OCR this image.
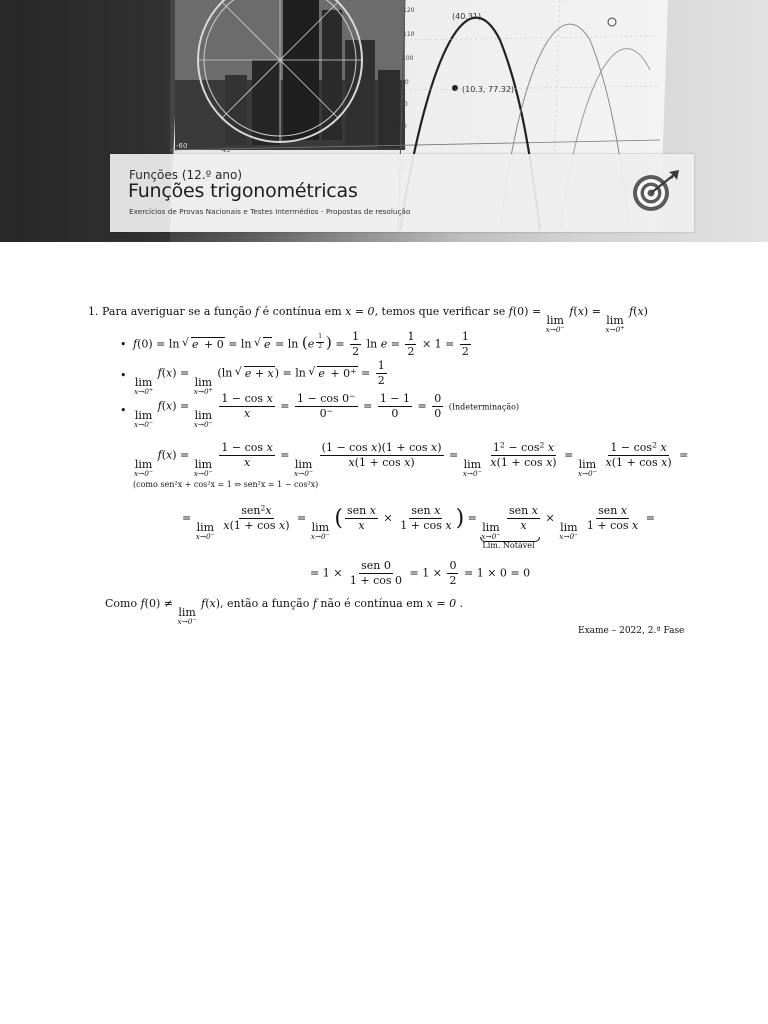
(40.31)
(10.3, 77.32)
-60	-45
120
110
100
90
80
60
40
Funções (12.º ano)
Funções trigonométricas
Exercícios de Provas Nacionais e Testes Intermédios - Propostas de resolução
1. Para averiguar se a função f é contínua em x = 0, temos que verificar se f(0) =
lim
x→0−
f(x) =
lim
x→0+
f(x)
• f(0) = ln √ e + 0 = ln √ e = ln (e $^{\frac{1}{2}}$ ) = $\frac{1}{2}$ $\ln e = \frac{1}{2} \times 1 = \frac{1}{2}$
•
lim
x→0+
f(x) =
lim
x→0+
(ln √ e + x) = ln √ $e + 0^+ = \frac{1}{2}$
• lim
x→0−
f(x) =
lim
x→0−

$\frac{\text{1 − cos x}}{x} = \frac{1 - \cos 0^-}{0^-} = \frac{1 - 1}{0} = \frac{0}{0}$ (Indeterminação)
lim
x→0−
f(x) =
lim
x→0−

$\frac{\text{1 − cos x}}{x}$ =
lim
x→0−

$\frac{\text{(1 − cos x)(1 + cos x)}}{\text{x(1 + cos x)}}$ =
lim
x→0−

$\frac{1^2 - \cos^2 x}{\text{x(1 + cos x)}}$ =
lim
x→0−

$\frac{1 - \cos^2 x}{\text{x(1 + cos x)}}$ =
(como sen²x + cos²x = 1 ⇔ sen²x = 1 − cos²x)
=
lim
x→0−

$\frac{sen^2x}{\text{x(1 + cos x)}}$ =
lim
x→0−
( $\frac{\text{sen x}}{x} \times \frac{\text{sen x}}{\text{1 + cos x}}$ ) =
lim
x→0−

$\frac{\text{sen x}}{x}$
Lim. Notável
×
lim
x→0−

$\frac{\text{sen x}}{\text{1 + cos x}}$ =
= $1 \times \frac{\text{sen 0}}{1 + \cos 0} = 1 \times \frac{0}{2} = 1 \times 0 = 0$
Como f(0) ≠
lim
x→0−
f(x), então a função f não é contínua em x = 0 .
Exame – 2022, 2.ª Fase
